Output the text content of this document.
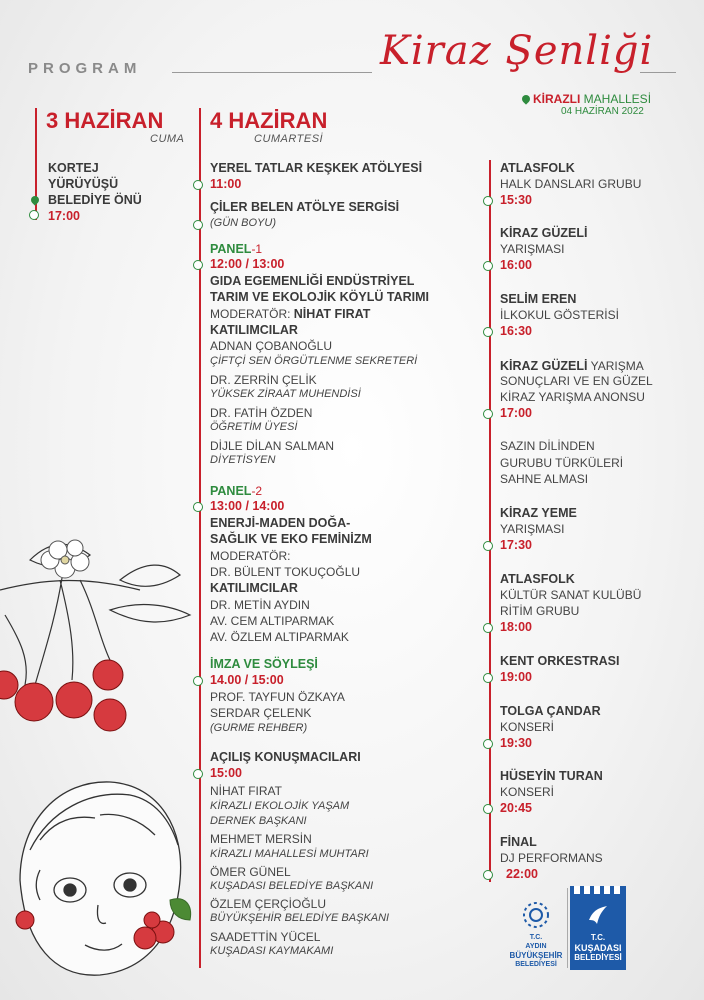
PROGRAM	Kiraz Şenliği
KİRAZLI MAHALLESİ
04 HAZİRAN 2022
3 HAZİRAN
CUMA
KORTEJ
YÜRÜYÜŞÜ
BELEDİYE ÖNÜ
17:00
4 HAZİRAN
CUMARTESİ
YEREL TATLAR KEŞKEK ATÖLYESİ
11:00
ÇİLER BELEN ATÖLYE SERGİSİ
(GÜN BOYU)
PANEL-1
12:00 / 13:00
GIDA EGEMENLİĞİ ENDÜSTRİYEL
TARIM VE EKOLOJİK KÖYLÜ TARIMI
MODERATÖR: NİHAT FIRAT
KATILIMCILAR
ADNAN ÇOBANOĞLU
ÇİFTÇİ SEN ÖRGÜTLENME SEKRETERİ
DR. ZERRİN ÇELİK
YÜKSEK ZİRAAT MUHENDİSİ
DR. FATİH ÖZDEN
ÖĞRETİM ÜYESİ
DİJLE DİLAN SALMAN
DİYETİSYEN
PANEL-2
13:00 / 14:00
ENERJİ-MADEN DOĞA-
SAĞLIK VE EKO FEMİNİZM
MODERATÖR:
DR. BÜLENT TOKUÇOĞLU
KATILIMCILAR
DR. METİN AYDIN
AV. CEM ALTIPARMAK
AV. ÖZLEM ALTIPARMAK
İMZA VE SÖYLEŞİ
14.00 / 15:00
PROF. TAYFUN ÖZKAYA
SERDAR ÇELENK
(GURME REHBER)
AÇILIŞ KONUŞMACILARI
15:00
NİHAT FIRAT
KİRAZLI EKOLOJİK YAŞAM
DERNEK BAŞKANI
MEHMET MERSİN
KİRAZLI MAHALLESİ MUHTARI
ÖMER GÜNEL
KUŞADASI BELEDİYE BAŞKANI
ÖZLEM ÇERÇİOĞLU
BÜYÜKŞEHİR BELEDİYE BAŞKANI
SAADETTİN YÜCEL
KUŞADASI KAYMAKAMI
ATLASFOLK
HALK DANSLARI GRUBU
15:30
KİRAZ GÜZELİ
YARIŞMASI
16:00
SELİM EREN
İLKOKUL GÖSTERİSİ
16:30
KİRAZ GÜZELİ YARIŞMA
SONUÇLARI VE EN GÜZEL
KİRAZ YARIŞMA ANONSU
17:00
SAZIN DİLİNDEN
GURUBU TÜRKÜLERİ
SAHNE ALMASI
KİRAZ YEME
YARIŞMASI
17:30
ATLASFOLK
KÜLTÜR SANAT KULÜBÜ
RİTİM GRUBU
18:00
KENT ORKESTRASI
19:00
TOLGA ÇANDAR
KONSERİ
19:30
HÜSEYİN TURAN
KONSERİ
20:45
FİNAL
DJ PERFORMANS
22:00
T.C.
AYDIN
BÜYÜKŞEHİR
BELEDİYESİ
T.C.
KUŞADASI
BELEDİYESİ
